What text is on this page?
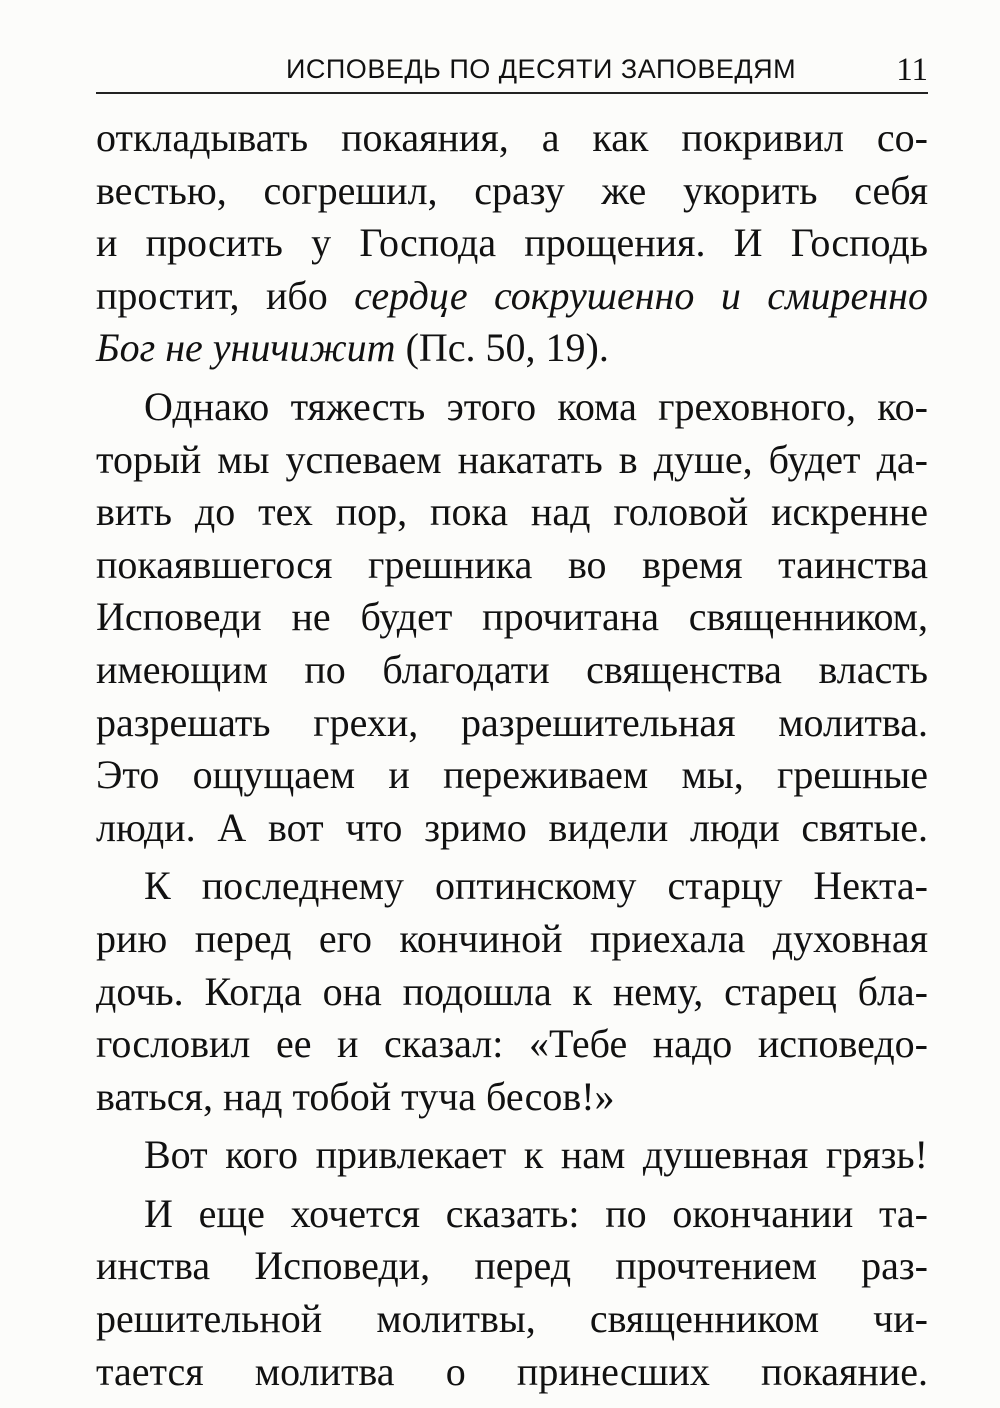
ИСПОВЕДЬ ПО ДЕСЯТИ ЗАПОВЕДЯМ	11
откладывать покаяния, а как покривил со-
вестью, согрешил, сразу же укорить себя
и просить у Господа прощения. И Господь
простит, ибо сердце сокрушенно и смиренно
Бог не уничижит (Пс. 50, 19).
Однако тяжесть этого кома греховного, ко-
торый мы успеваем накатать в душе, будет да-
вить до тех пор, пока над головой искренне
покаявшегося грешника во время таинства
Исповеди не будет прочитана священником,
имеющим по благодати священства власть
разрешать грехи, разрешительная молитва.
Это ощущаем и переживаем мы, грешные
люди. А вот что зримо видели люди святые.
К последнему оптинскому старцу Некта-
рию перед его кончиной приехала духовная
дочь. Когда она подошла к нему, старец бла-
гословил ее и сказал: «Тебе надо исповедо-
ваться, над тобой туча бесов!»
Вот кого привлекает к нам душевная грязь!
И еще хочется сказать: по окончании та-
инства Исповеди, перед прочтением раз-
решительной молитвы, священником чи-
тается молитва о принесших покаяние.
